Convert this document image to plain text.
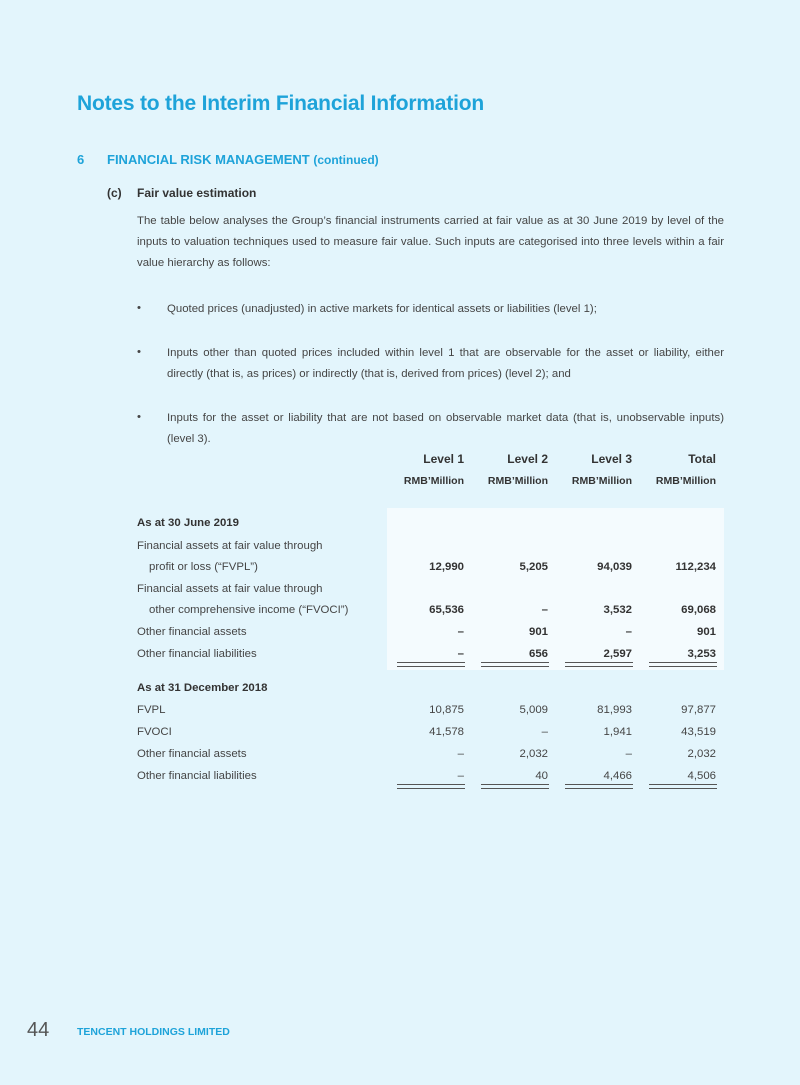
Notes to the Interim Financial Information
6 FINANCIAL RISK MANAGEMENT (continued)
(c) Fair value estimation

The table below analyses the Group’s financial instruments carried at fair value as at 30 June 2019 by level of the inputs to valuation techniques used to measure fair value. Such inputs are categorised into three levels within a fair value hierarchy as follows:

• Quoted prices (unadjusted) in active markets for identical assets or liabilities (level 1);

• Inputs other than quoted prices included within level 1 that are observable for the asset or liability, either directly (that is, as prices) or indirectly (that is, derived from prices) (level 2); and

• Inputs for the asset or liability that are not based on observable market data (that is, unobservable inputs) (level 3).

Level 1	Level 2	Level 3	Total
RMB’Million	RMB’Million	RMB’Million	RMB’Million
As at 30 June 2019
Financial assets at fair value through
profit or loss (“FVPL”)	12,990	5,205	94,039	112,234
Financial assets at fair value through
other comprehensive income (“FVOCI”)	65,536	–	3,532	69,068
Other financial assets	–	901	–	901
Other financial liabilities	–	656	2,597	3,253
As at 31 December 2018
FVPL	10,875	5,009	81,993	97,877
FVOCI	41,578	–	1,941	43,519
Other financial assets	–	2,032	–	2,032
Other financial liabilities	–	40	4,466	4,506
44	TENCENT HOLDINGS LIMITED
